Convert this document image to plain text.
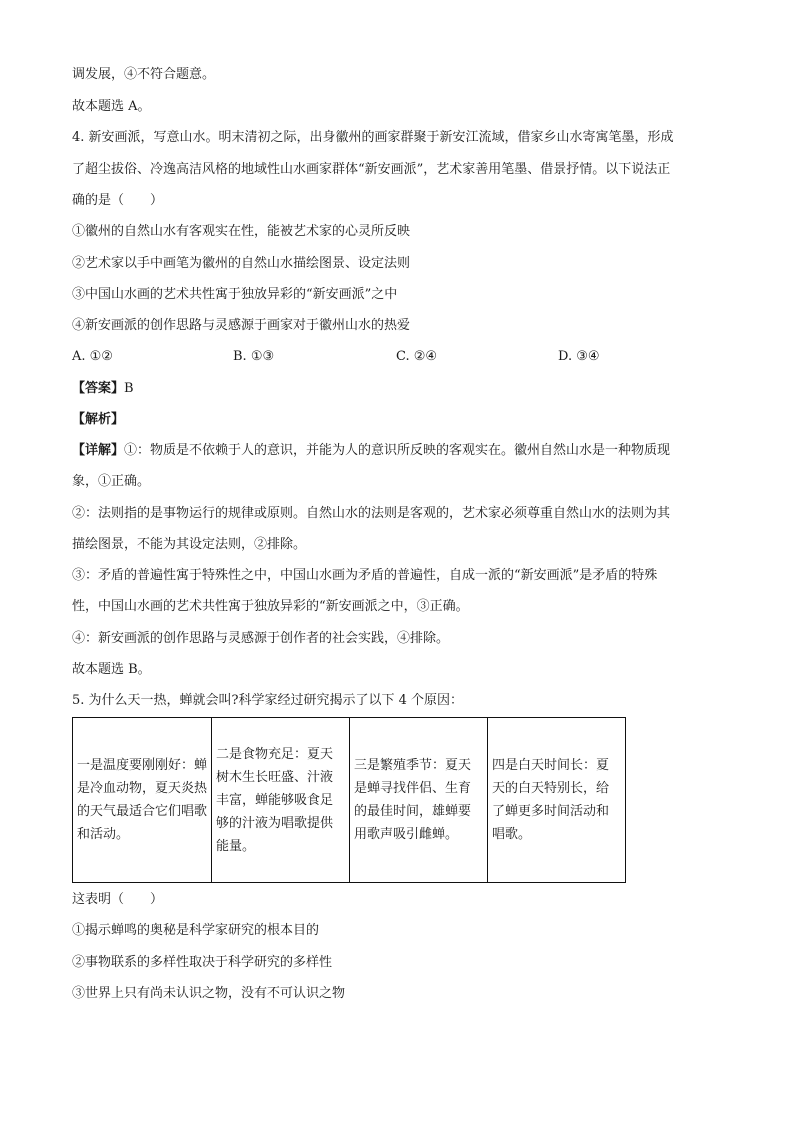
调发展，④不符合题意。
故本题选 A。
4. 新安画派，写意山水。明末清初之际，出身徽州的画家群聚于新安江流域，借家乡山水寄寓笔墨，形成
了超尘拔俗、冷逸高洁风格的地域性山水画家群体“新安画派”，艺术家善用笔墨、借景抒情。以下说法正
确的是（　　）
①徽州的自然山水有客观实在性，能被艺术家的心灵所反映
②艺术家以手中画笔为徽州的自然山水描绘图景、设定法则
③中国山水画的艺术共性寓于独放异彩的“新安画派”之中
④新安画派的创作思路与灵感源于画家对于徽州山水的热爱
A. ①②	B. ①③	C. ②④	D. ③④
【答案】B
【解析】
【详解】①：物质是不依赖于人的意识，并能为人的意识所反映的客观实在。徽州自然山水是一种物质现
象，①正确。
②：法则指的是事物运行的规律或原则。自然山水的法则是客观的，艺术家必须尊重自然山水的法则为其
描绘图景，不能为其设定法则，②排除。
③：矛盾的普遍性寓于特殊性之中，中国山水画为矛盾的普遍性，自成一派的“新安画派”是矛盾的特殊
性，中国山水画的艺术共性寓于独放异彩的“新安画派之中，③正确。
④：新安画派的创作思路与灵感源于创作者的社会实践，④排除。
故本题选 B。
5. 为什么天一热，蝉就会叫?科学家经过研究揭示了以下 4 个原因：
一是温度要刚刚好：蝉是冷血动物，夏天炎热的天气最适合它们唱歌和活动。	二是食物充足：夏天树木生长旺盛、汁液丰富，蝉能够吸食足够的汁液为唱歌提供能量。	三是繁殖季节：夏天是蝉寻找伴侣、生育的最佳时间，雄蝉要用歌声吸引雌蝉。	四是白天时间长：夏天的白天特别长，给了蝉更多时间活动和唱歌。
这表明（　　）
①揭示蝉鸣的奥秘是科学家研究的根本目的
②事物联系的多样性取决于科学研究的多样性
③世界上只有尚未认识之物，没有不可认识之物
